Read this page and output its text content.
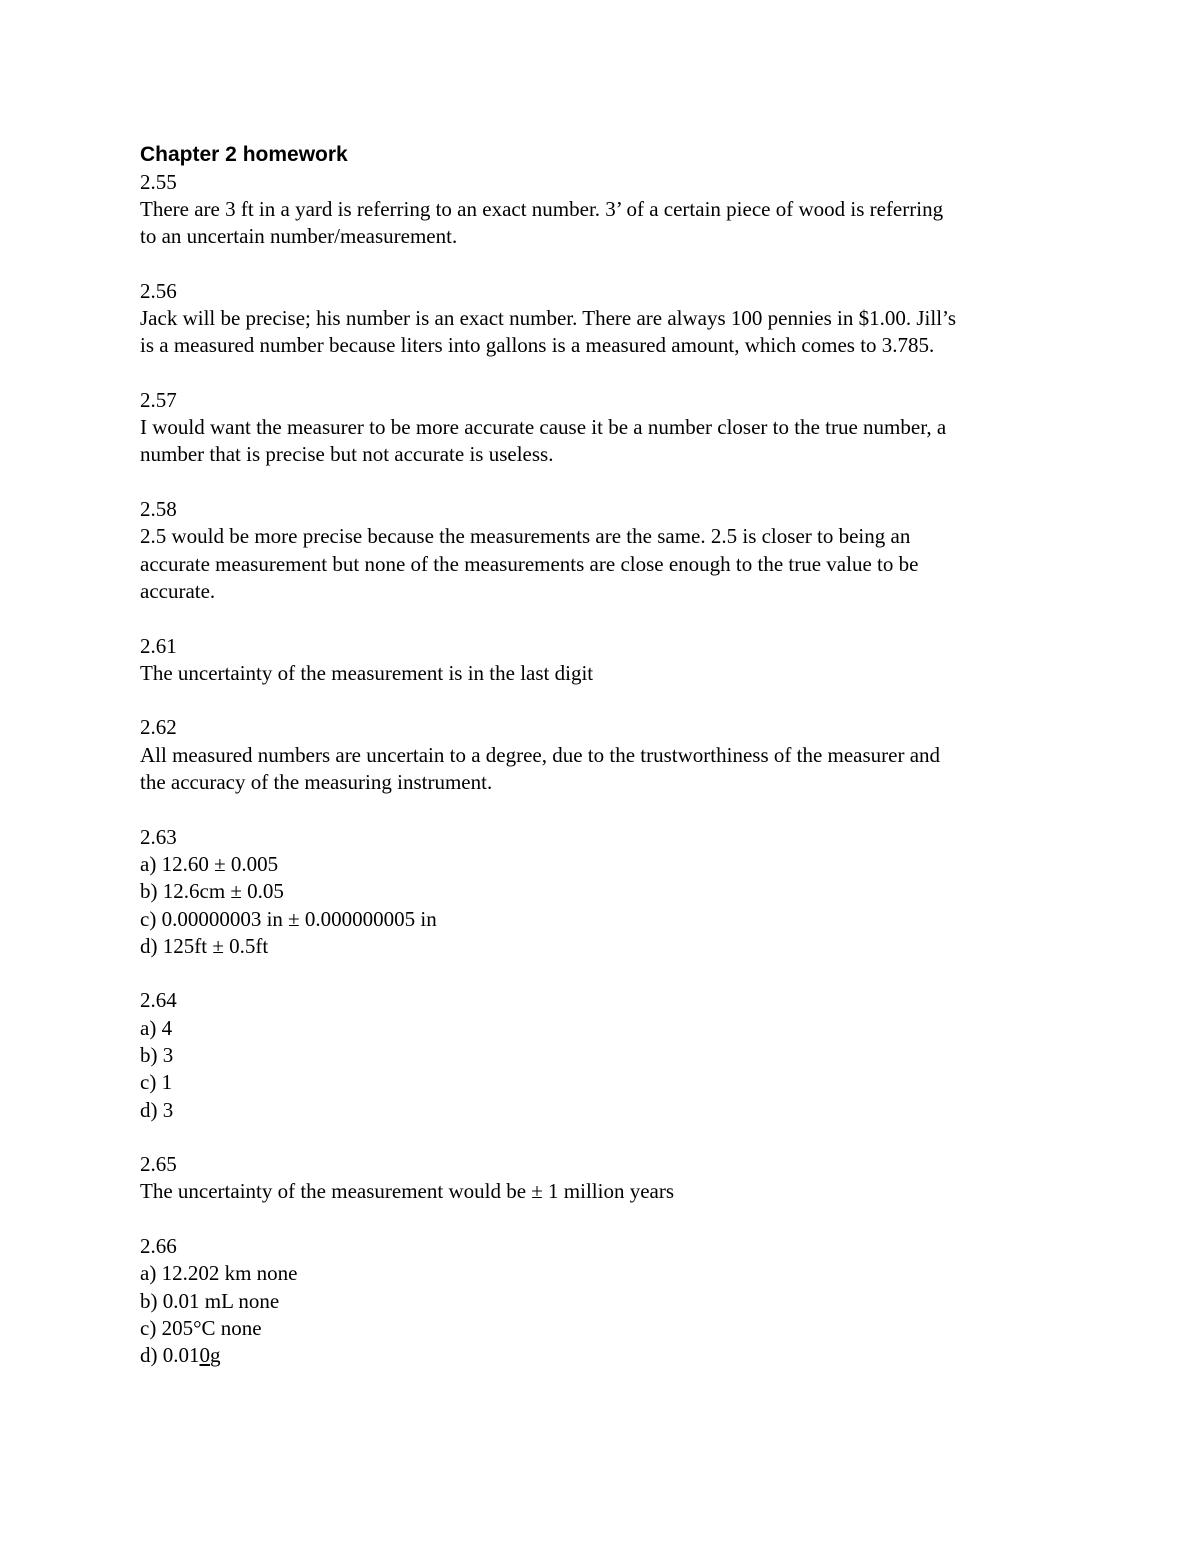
Chapter 2 homework

2.55
There are 3 ft in a yard is referring to an exact number. 3’ of a certain piece of wood is referring
to an uncertain number/measurement.
2.56
Jack will be precise; his number is an exact number. There are always 100 pennies in $1.00. Jill’s
is a measured number because liters into gallons is a measured amount, which comes to 3.785.
2.57
I would want the measurer to be more accurate cause it be a number closer to the true number, a
number that is precise but not accurate is useless.
2.58
2.5 would be more precise because the measurements are the same. 2.5 is closer to being an
accurate measurement but none of the measurements are close enough to the true value to be
accurate.
2.61
The uncertainty of the measurement is in the last digit
2.62
All measured numbers are uncertain to a degree, due to the trustworthiness of the measurer and
the accuracy of the measuring instrument.
2.63
a) 12.60 ± 0.005
b) 12.6cm ± 0.05
c) 0.00000003 in ± 0.000000005 in
d) 125ft ± 0.5ft
2.64
a) 4
b) 3
c) 1
d) 3
2.65
The uncertainty of the measurement would be ± 1 million years
2.66
a) 12.202 km none
b) 0.01 mL none
c) 205°C none
d) 0.010g
